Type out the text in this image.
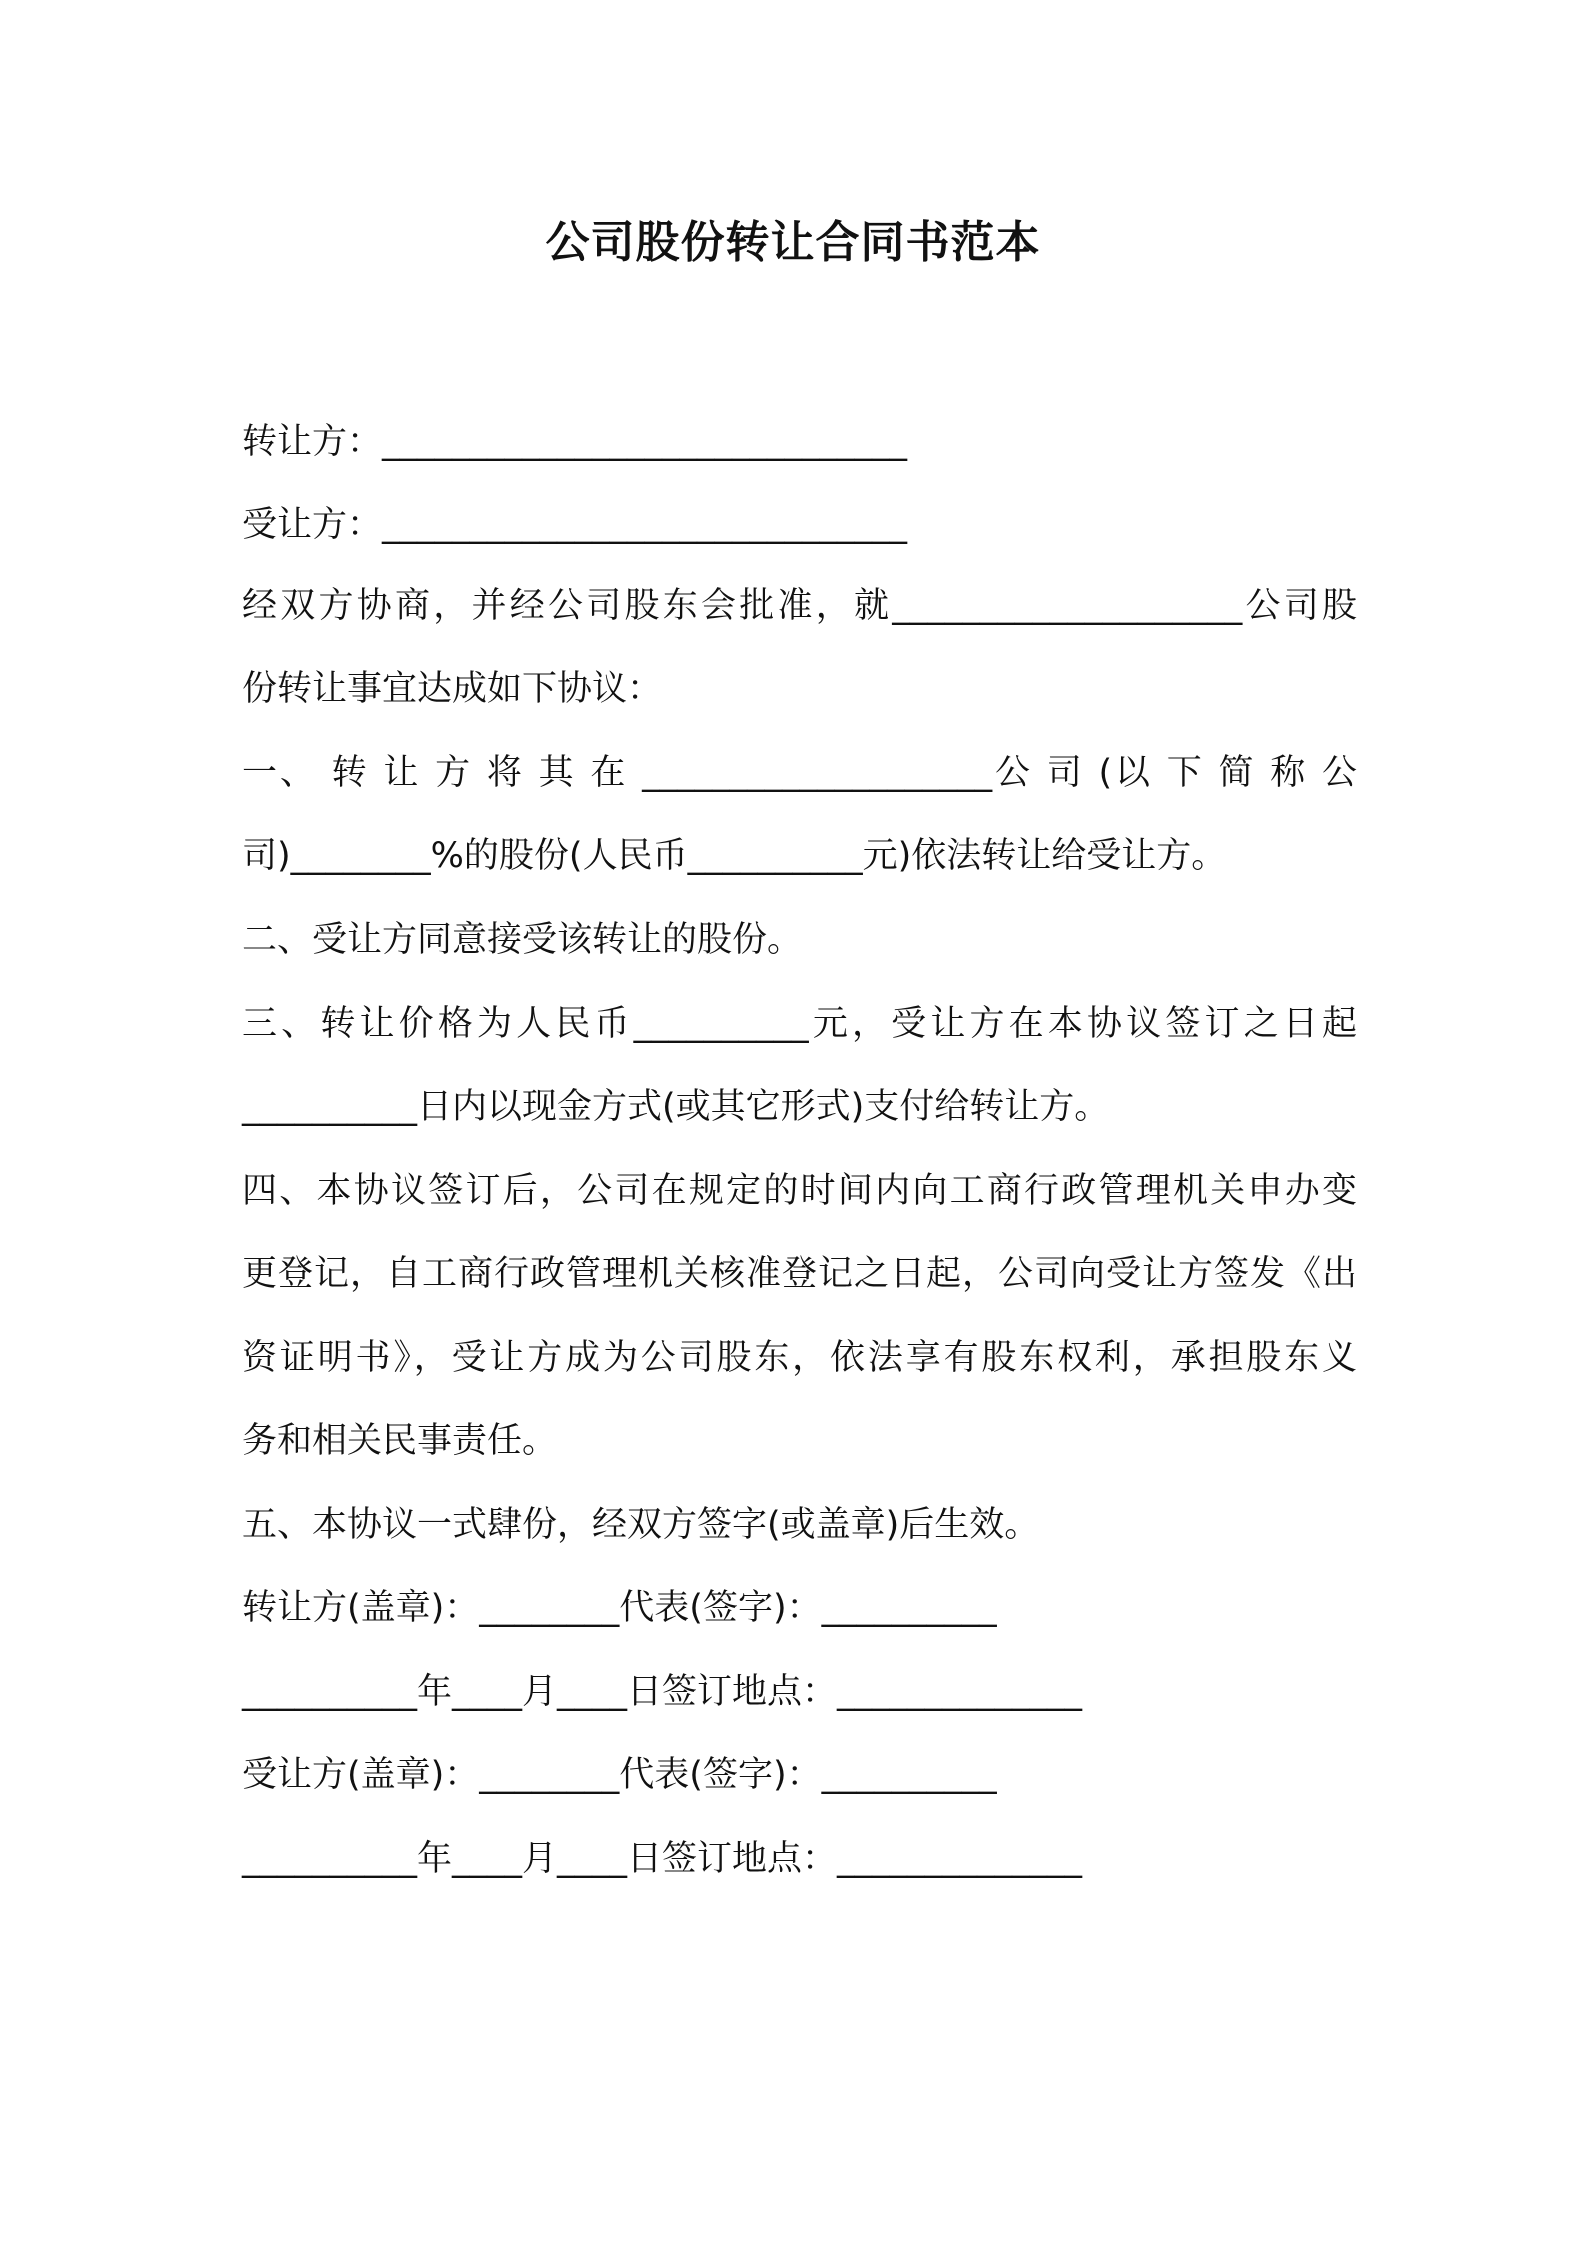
公司股份转让合同书范本
转让方：______________________________
受让方：______________________________
经双方协商，并经公司股东会批准，就____________________公司股
份转让事宜达成如下协议：
一、 转 让 方 将 其 在 ____________________公 司 (以 下 简 称 公
司)________%的股份(人民币__________元)依法转让给受让方。
二、受让方同意接受该转让的股份。
三、转让价格为人民币__________元，受让方在本协议签订之日起
__________日内以现金方式(或其它形式)支付给转让方。
四、本协议签订后，公司在规定的时间内向工商行政管理机关申办变
更登记，自工商行政管理机关核准登记之日起，公司向受让方签发《出
资证明书》，受让方成为公司股东，依法享有股东权利，承担股东义
务和相关民事责任。
五、本协议一式肆份，经双方签字(或盖章)后生效。
转让方(盖章)：________代表(签字)：__________
__________年____月____日签订地点：______________
受让方(盖章)：________代表(签字)：__________
__________年____月____日签订地点：______________
